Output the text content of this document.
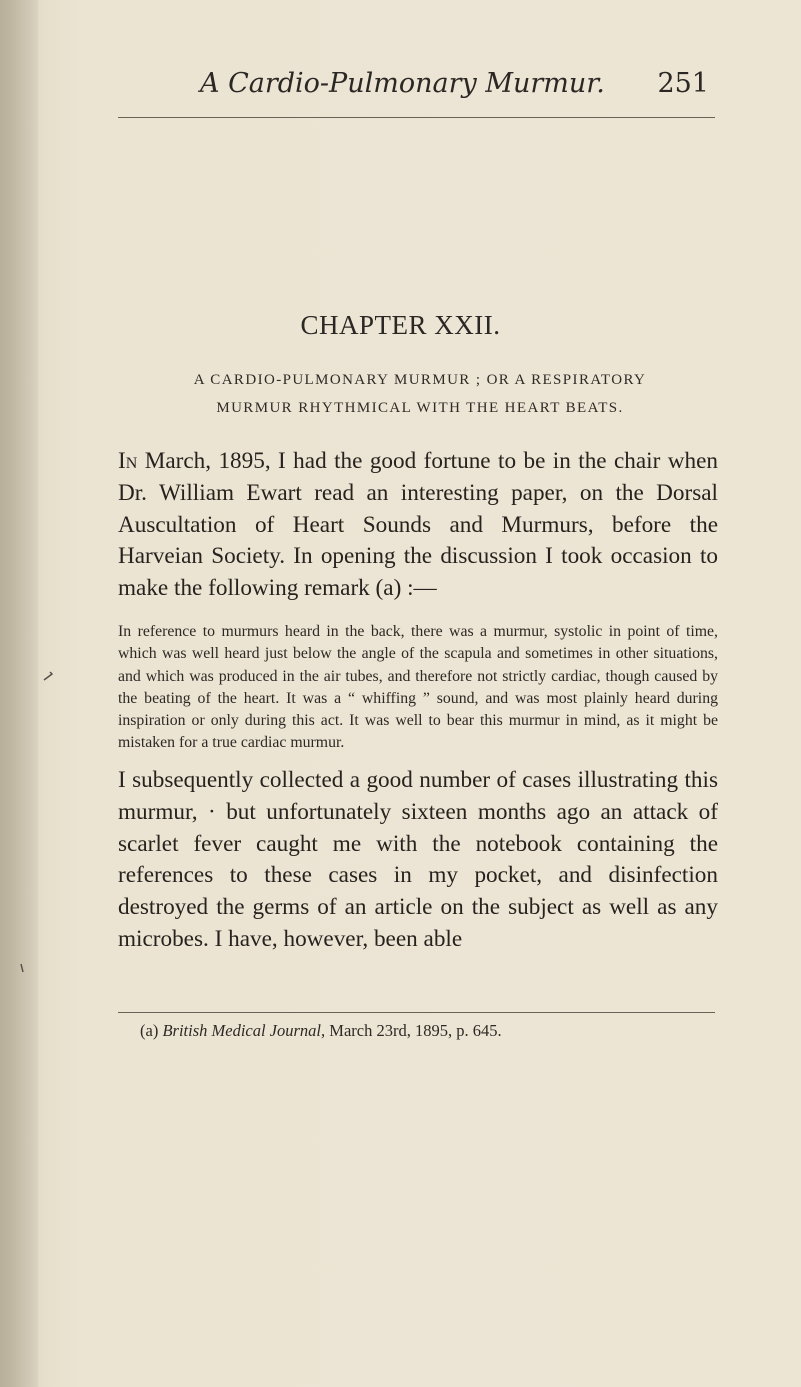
A Cardio-Pulmonary Murmur. 251
CHAPTER XXII.
A CARDIO-PULMONARY MURMUR ; OR A RESPIRATORY
MURMUR RHYTHMICAL WITH THE HEART BEATS.
In March, 1895, I had the good fortune to be in the chair when Dr. William Ewart read an interesting paper, on the Dorsal Auscultation of Heart Sounds and Murmurs, before the Harveian Society. In opening the discussion I took occasion to make the following remark (a) :—
In reference to murmurs heard in the back, there was a murmur, systolic in point of time, which was well heard just below the angle of the scapula and sometimes in other situations, and which was produced in the air tubes, and therefore not strictly cardiac, though caused by the beating of the heart. It was a “ whiffing ” sound, and was most plainly heard during inspiration or only during this act. It was well to bear this murmur in mind, as it might be mistaken for a true cardiac murmur.
I subsequently collected a good number of cases illustrating this murmur, · but unfortunately sixteen months ago an attack of scarlet fever caught me with the notebook containing the references to these cases in my pocket, and disinfection destroyed the germs of an article on the subject as well as any microbes. I have, however, been able
(a) British Medical Journal, March 23rd, 1895, p. 645.
